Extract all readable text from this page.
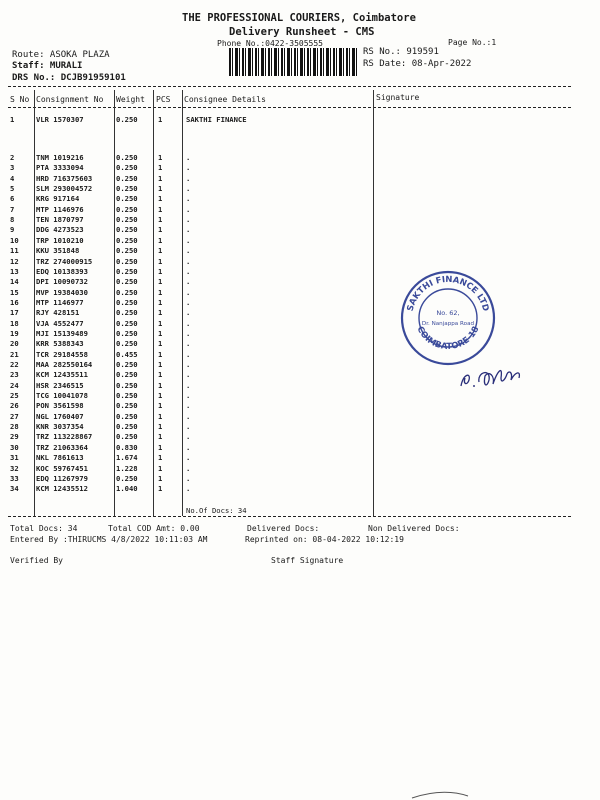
THE PROFESSIONAL COURIERS, Coimbatore
Delivery Runsheet - CMS
Phone No.:0422-3505555	Page No.:1
Route: ASOKA PLAZA
Staff: MURALI
DRS No.: DCJB91959101
RS No.: 919591
RS Date: 08-Apr-2022
S No Consignment No Weight PCS Consignee Details	Signature
1	VLR 1570307	0.250	1	SAKTHI FINANCE
2	TNM 1019216	0.250	1	.
3	PTA 3333094	0.250	1	.
4	HRD 716375603	0.250	1	.
5	SLM 293004572	0.250	1	.
6	KRG 917164	0.250	1	.
7	MTP 1146976	0.250	1	.
8	TEN 1870797	0.250	1	.
9	DDG 4273523	0.250	1	.
10 TRP 1010210	0.250	1	.
11 KKU 351848	0.250	1	.
12 TRZ 274000915	0.250	1	.
13 EDQ 10138393	0.250	1	.
14 DPI 10090732	0.250	1	.
15 MVP 19384030	0.250	1	.
16 MTP 1146977	0.250	1	.
17 RJY 428151	0.250	1	.
18 VJA 4552477	0.250	1	.
19 MJI 15139489	0.250	1	.
20 KRR 5388343	0.250	1	.
21 TCR 29184558	0.455	1	.
22 MAA 282550164	0.250	1	.
23 KCM 12435511	0.250	1	.
24 HSR 2346515	0.250	1	.
25 TCG 10041078	0.250	1	.
26 PON 3561598	0.250	1	.
27 NGL 1760407	0.250	1	.
28 KNR 3037354	0.250	1	.
29 TRZ 113228867	0.250	1	.
30 TRZ 21063364	0.830	1	.
31 NKL 7861613	1.674	1	.
32 KOC 59767451	1.228	1	.
33 EDQ 11267979	0.250	1	.
34 KCM 12435512	1.040	1	.
No.Of Docs: 34
Total Docs: 34	Total COD Amt: 0.00	Delivered Docs:	Non Delivered Docs:
Entered By :THIRUCMS 4/8/2022 10:11:03 AM	Reprinted on: 08-04-2022 10:12:19
Verified By	Staff Signature
SAKTHI FINANCE LTD
COIMBATORE-18
No. 62,
Dr. Nanjappa Road
